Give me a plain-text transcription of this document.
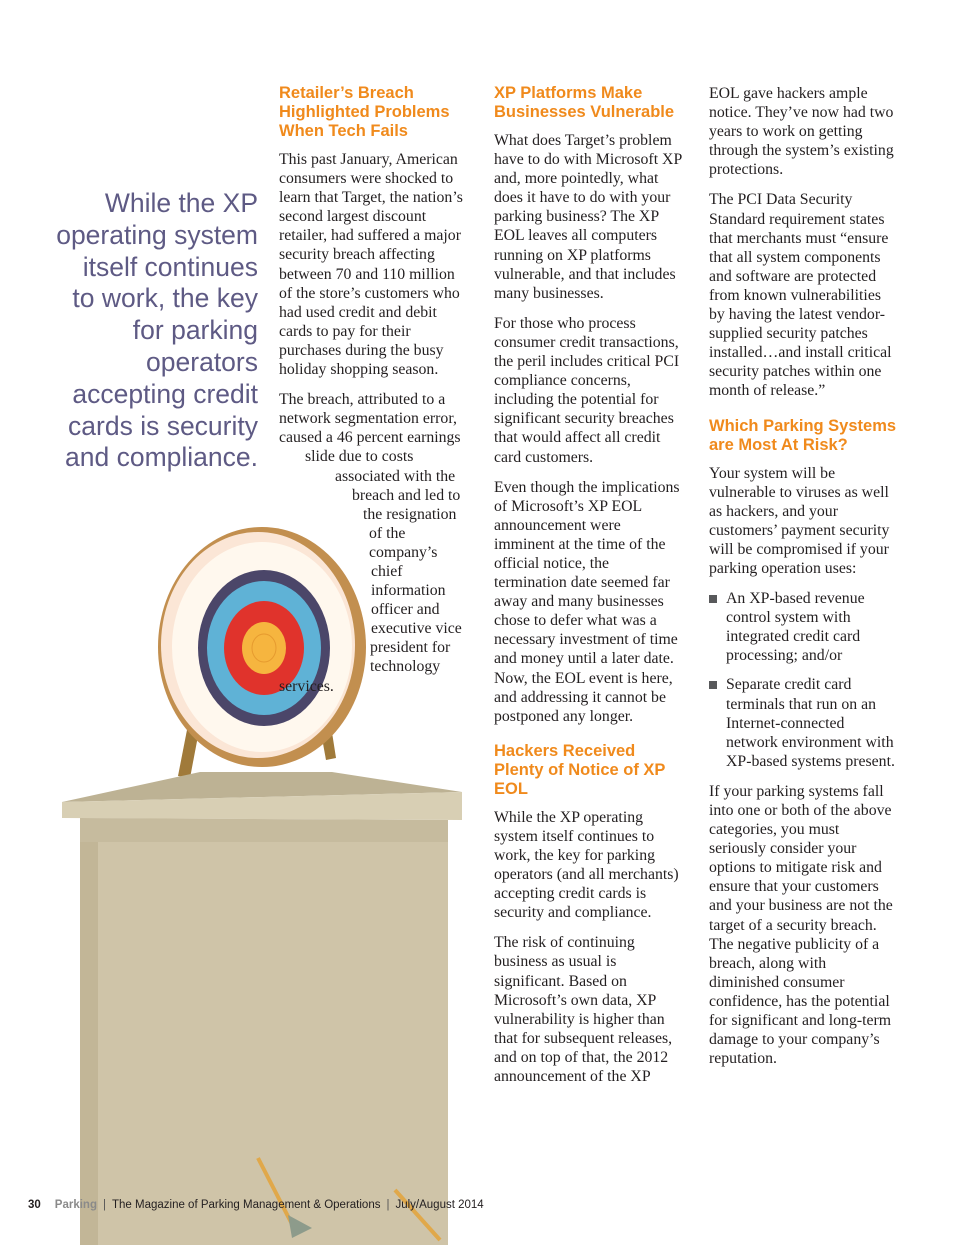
While the XP operating system itself continues to work, the key for parking operators accepting credit cards is security and compliance.
Retailer’s Breach Highlighted Problems When Tech Fails

This past January, American consumers were shocked to learn that Target, the nation’s second largest discount retailer, had suffered a major security breach affecting between 70 and 110 million of the store’s customers who had used credit and debit cards to pay for their purchases during the busy holiday shopping season.

The breach, attributed to a network segmentation error, caused a 46 percent earnings slide due to costs associated with the breach and led to the resignation of the company’s chief information officer and executive vice president for technology services.

XP Platforms Make Businesses Vulnerable

What does Target’s problem have to do with Microsoft XP and, more pointedly, what does it have to do with your parking business? The XP EOL leaves all computers running on XP platforms vulnerable, and that includes many businesses.

For those who process consumer credit transactions, the peril includes critical PCI compliance concerns, including the potential for significant security breaches that would affect all credit card customers.

Even though the implications of Microsoft’s XP EOL announcement were imminent at the time of the official notice, the termination date seemed far away and many businesses chose to defer what was a necessary investment of time and money until a later date. Now, the EOL event is here, and addressing it cannot be postponed any longer.

Hackers Received Plenty of Notice of XP EOL

While the XP operating system itself continues to work, the key for parking operators (and all merchants) accepting credit cards is security and compliance.

The risk of continuing business as usual is significant. Based on Microsoft’s own data, XP vulnerability is higher than that for subsequent releases, and on top of that, the 2012 announcement of the XP

EOL gave hackers ample notice. They’ve now had two years to work on getting through the system’s existing protections.

The PCI Data Security Standard requirement states that merchants must “ensure that all system components and software are protected from known vulnerabilities by having the latest vendor-supplied security patches installed…and install critical security patches within one month of release.”

Which Parking Systems are Most At Risk?

Your system will be vulnerable to viruses as well as hackers, and your customers’ payment security will be compromised if your parking operation uses:

An XP-based revenue control system with integrated credit card processing; and/or
Separate credit card terminals that run on an Internet-connected network environment with XP-based systems present.

If your parking systems fall into one or both of the above categories, you must seriously consider your options to mitigate risk and ensure that your customers and your business are not the target of a security breach. The negative publicity of a breach, along with diminished consumer confidence, has the potential for significant and long-term damage to your company’s reputation.

30 Parking | The Magazine of Parking Management & Operations | July/August 2014
